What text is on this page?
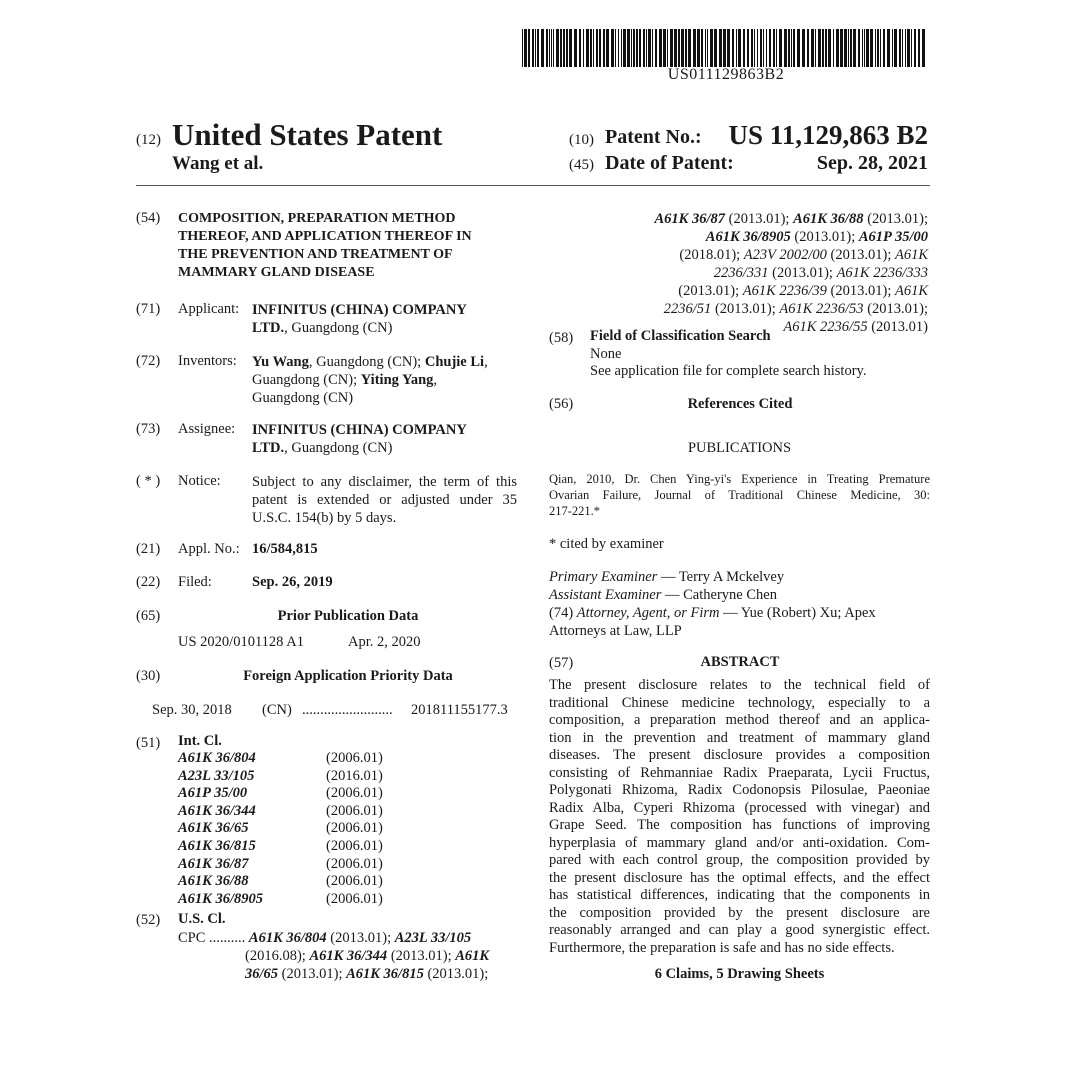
US011129863B2
(12) United States Patent
Wang et al.
(10) Patent No.: US 11,129,863 B2
(45) Date of Patent:	Sep. 28, 2021
(54) COMPOSITION, PREPARATION METHOD
THEREOF, AND APPLICATION THEREOF IN
THE PREVENTION AND TREATMENT OF
MAMMARY GLAND DISEASE
(71) Applicant: INFINITUS (CHINA) COMPANY
LTD., Guangdong (CN)
(72) Inventors: Yu Wang, Guangdong (CN); Chujie Li,
Guangdong (CN); Yiting Yang,
Guangdong (CN)
(73) Assignee: INFINITUS (CHINA) COMPANY
LTD., Guangdong (CN)
( * ) Notice: Subject to any disclaimer, the term of this
patent is extended or adjusted under 35
U.S.C. 154(b) by 5 days.
(21) Appl. No.: 16/584,815
(22) Filed:	Sep. 26, 2019
(65)	Prior Publication Data
US 2020/0101128 A1	Apr. 2, 2020
(30)	Foreign Application Priority Data
Sep. 30, 2018 (CN) ......................... 201811155177.3
(51) Int. Cl.
A61K 36/804	(2006.01)
A23L 33/105	(2016.01)
A61P 35/00	(2006.01)
A61K 36/344	(2006.01)
A61K 36/65	(2006.01)
A61K 36/815	(2006.01)
A61K 36/87	(2006.01)
A61K 36/88	(2006.01)
A61K 36/8905	(2006.01)
(52) U.S. Cl.
CPC .......... A61K 36/804 (2013.01); A23L 33/105
(2016.08); A61K 36/344 (2013.01); A61K
36/65 (2013.01); A61K 36/815 (2013.01);
A61K 36/87 (2013.01); A61K 36/88 (2013.01);
A61K 36/8905 (2013.01); A61P 35/00
(2018.01); A23V 2002/00 (2013.01); A61K
2236/331 (2013.01); A61K 2236/333
(2013.01); A61K 2236/39 (2013.01); A61K
2236/51 (2013.01); A61K 2236/53 (2013.01);
A61K 2236/55 (2013.01)
(58) Field of Classification Search
None
See application file for complete search history.
(56)	References Cited
PUBLICATIONS
Qian, 2010, Dr. Chen Ying-yi's Experience in Treating Premature
Ovarian Failure, Journal of Traditional Chinese Medicine, 30:
217-221.*
* cited by examiner
Primary Examiner — Terry A Mckelvey
Assistant Examiner — Catheryne Chen
(74) Attorney, Agent, or Firm — Yue (Robert) Xu; Apex
Attorneys at Law, LLP
(57)	ABSTRACT
The present disclosure relates to the technical field of
traditional Chinese medicine technology, especially to a
composition, a preparation method thereof and an applica-
tion in the prevention and treatment of mammary gland
diseases. The present disclosure provides a composition
consisting of Rehmanniae Radix Praeparata, Lycii Fructus,
Polygonati Rhizoma, Radix Codonopsis Pilosulae, Paeoniae
Radix Alba, Cyperi Rhizoma (processed with vinegar) and
Grape Seed. The composition has functions of improving
hyperplasia of mammary gland and/or anti-oxidation. Com-
pared with each control group, the composition provided by
the present disclosure has the optimal effects, and the effect
has statistical differences, indicating that the components in
the composition provided by the present disclosure are
reasonably arranged and can play a good synergistic effect.
Furthermore, the preparation is safe and has no side effects.
6 Claims, 5 Drawing Sheets
